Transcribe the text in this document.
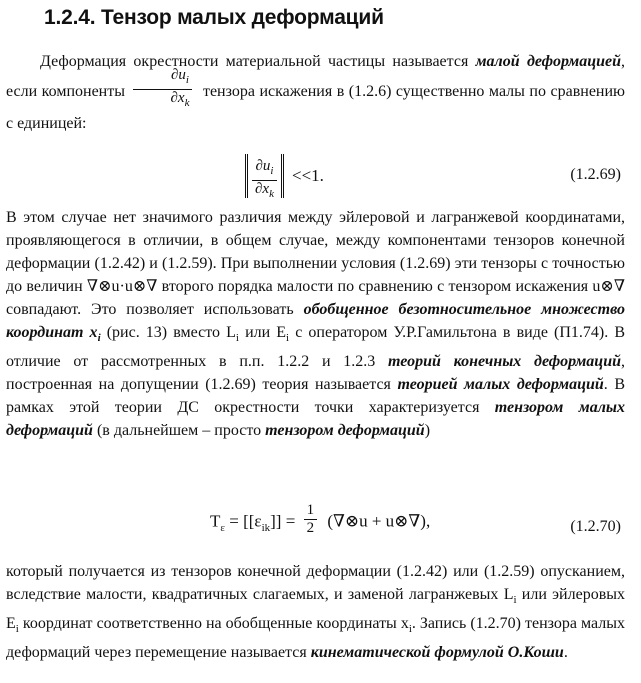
1.2.4. Тензор малых деформаций
Деформация окрестности материальной частицы называется малой деформацией, если компоненты $\frac{\partial u_i}{\partial x_k}$ тензора искажения в (1.2.6) существенно малы по сравнению с единицей:
$\frac{\partial u_i}{\partial x_k} <<1$.	(1.2.69)
В этом случае нет значимого различия между эйлеровой и лагранжевой координатами, проявляющегося в отличии, в общем случае, между компонентами тензоров конечной деформации (1.2.42) и (1.2.59). При выполнении условия (1.2.69) эти тензоры с точностью до величин ∇⊗u·u⊗∇ второго порядка малости по сравнению с тензором искажения u⊗∇ совпадают. Это позволяет использовать обобщенное безотносительное множество координат $x_i$ (рис. 13) вместо $L_i$ или $E_i$ с оператором У.Р.Гамильтона в виде (П1.74). В отличие от рассмотренных в п.п. 1.2.2 и 1.2.3 теорий конечных деформаций, построенная на допущении (1.2.69) теория называется теорией малых деформаций. В рамках этой теории ДС окрестности точки характеризуется тензором малых деформаций (в дальнейшем – просто тензором деформаций)
$T_\varepsilon = [[\varepsilon_{ik}]] = \frac{1}{2}$ (∇⊗u + u⊗∇),	(1.2.70)
который получается из тензоров конечной деформации (1.2.42) или (1.2.59) опусканием, вследствие малости, квадратичных слагаемых, и заменой лагранжевых $L_i$ или эйлеровых $E_i$ координат соответственно на обобщенные координаты $x_i$. Запись (1.2.70) тензора малых деформаций через перемещение называется кинематической формулой О.Коши.
